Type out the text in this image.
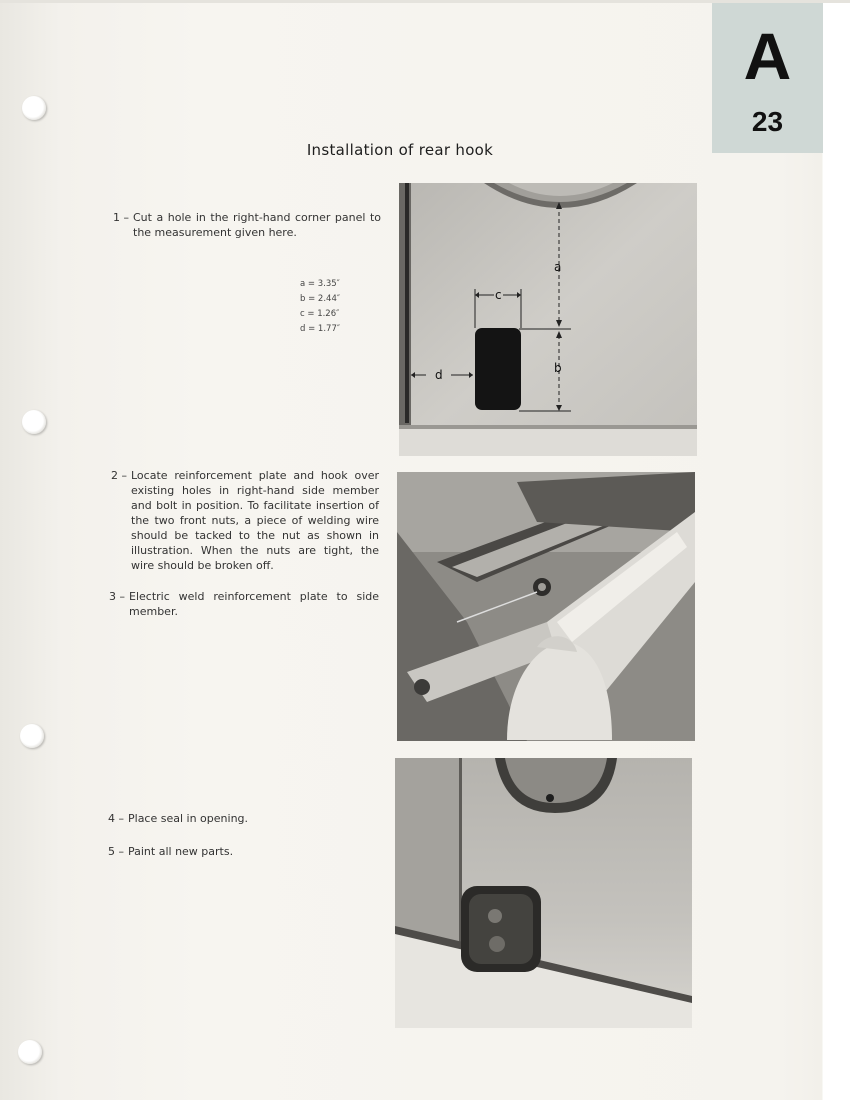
A
23
Installation of rear hook
1 – Cut a hole in the right-hand corner panel to the measurement given here.
a = 3.35″
b = 2.44″
c = 1.26″
d = 1.77″
2 – Locate reinforcement plate and hook over existing holes in right-hand side member and bolt in position. To facilitate insertion of the two front nuts, a piece of welding wire should be tacked to the nut as shown in illustration. When the nuts are tight, the wire should be broken off.
3 – Electric weld reinforcement plate to side member.
4 – Place seal in opening.
5 – Paint all new parts.
a
b
c
d
